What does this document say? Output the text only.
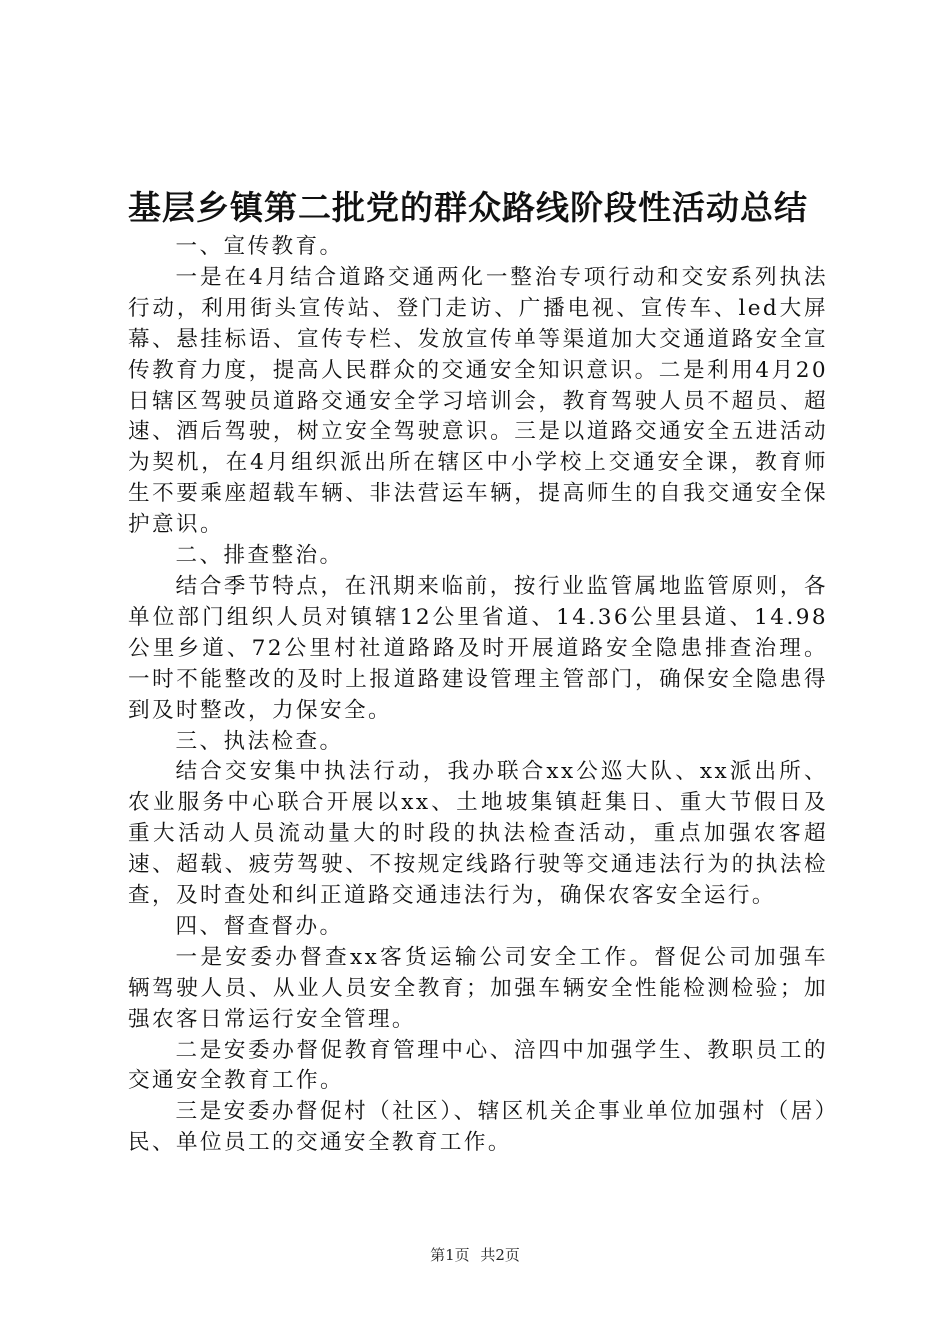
基层乡镇第二批党的群众路线阶段性活动总结

一、宣传教育。

一是在4月结合道路交通两化一整治专项行动和交安系列执法行动，利用街头宣传站、登门走访、广播电视、宣传车、led大屏幕、悬挂标语、宣传专栏、发放宣传单等渠道加大交通道路安全宣传教育力度，提高人民群众的交通安全知识意识。二是利用4月20日辖区驾驶员道路交通安全学习培训会，教育驾驶人员不超员、超速、酒后驾驶，树立安全驾驶意识。三是以道路交通安全五进活动为契机，在4月组织派出所在辖区中小学校上交通安全课，教育师生不要乘座超载车辆、非法营运车辆，提高师生的自我交通安全保护意识。

二、排查整治。

结合季节特点，在汛期来临前，按行业监管属地监管原则，各单位部门组织人员对镇辖12公里省道、14.36公里县道、14.98公里乡道、72公里村社道路路及时开展道路安全隐患排查治理。一时不能整改的及时上报道路建设管理主管部门，确保安全隐患得到及时整改，力保安全。

三、执法检查。

结合交安集中执法行动，我办联合xx公巡大队、xx派出所、农业服务中心联合开展以xx、土地坡集镇赶集日、重大节假日及重大活动人员流动量大的时段的执法检查活动，重点加强农客超速、超载、疲劳驾驶、不按规定线路行驶等交通违法行为的执法检查，及时查处和纠正道路交通违法行为，确保农客安全运行。

四、督查督办。

一是安委办督查xx客货运输公司安全工作。督促公司加强车辆驾驶人员、从业人员安全教育；加强车辆安全性能检测检验；加强农客日常运行安全管理。

二是安委办督促教育管理中心、涪四中加强学生、教职员工的交通安全教育工作。

三是安委办督促村（社区）、辖区机关企事业单位加强村（居）民、单位员工的交通安全教育工作。

第1页 共2页
